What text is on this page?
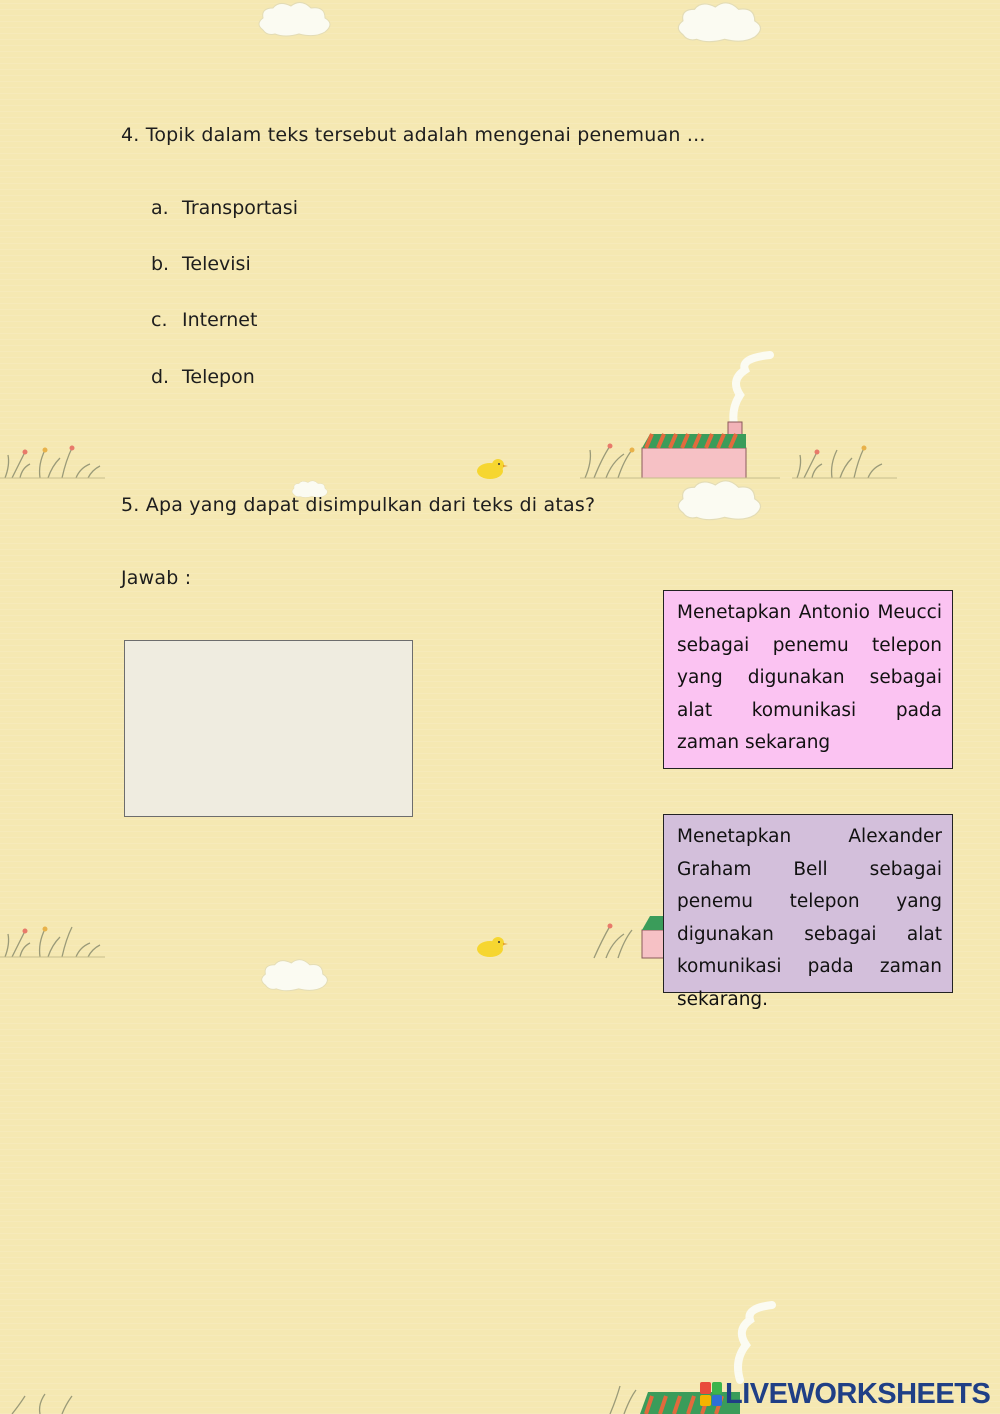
4. Topik dalam teks tersebut adalah mengenai penemuan ...
a. Transportasi
b. Televisi
c. Internet
d. Telepon
5. Apa yang dapat disimpulkan dari teks di atas?
Jawab :
Menetapkan Antonio Meucci sebagai penemu telepon yang digunakan sebagai alat komunikasi pada zaman sekarang
Menetapkan Alexander Graham Bell sebagai penemu telepon yang digunakan sebagai alat komunikasi pada zaman sekarang.
LIVEWORKSHEETS
